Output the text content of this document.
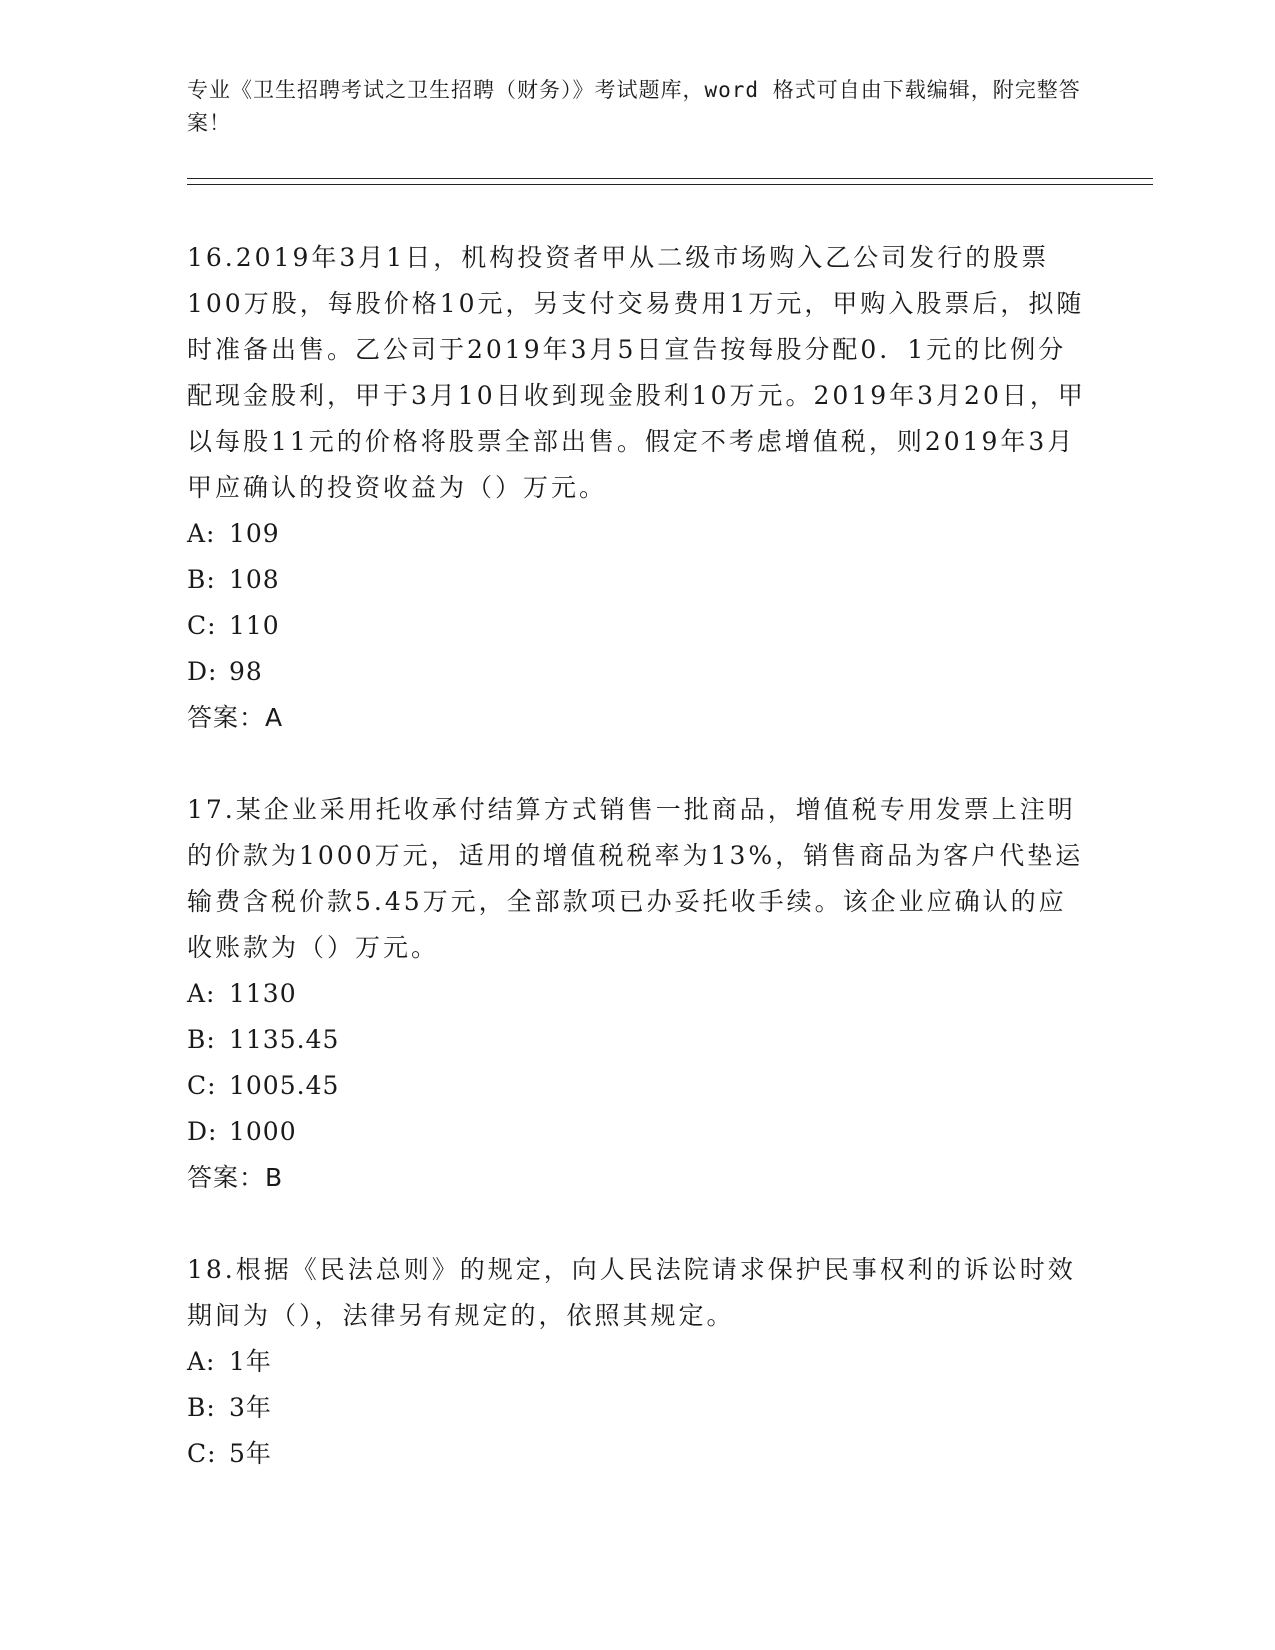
专业《卫生招聘考试之卫生招聘（财务）》考试题库，word 格式可自由下载编辑，附完整答案！

16.2019年3月1日，机构投资者甲从二级市场购入乙公司发行的股票100万股，每股价格10元，另支付交易费用1万元，甲购入股票后，拟随时准备出售。乙公司于2019年3月5日宣告按每股分配0．1元的比例分配现金股利，甲于3月10日收到现金股利10万元。2019年3月20日，甲以每股11元的价格将股票全部出售。假定不考虑增值税，则2019年3月甲应确认的投资收益为（）万元。

A: 109

B: 108

C: 110

D: 98

答案：A

17.某企业采用托收承付结算方式销售一批商品，增值税专用发票上注明的价款为1000万元，适用的增值税税率为13%，销售商品为客户代垫运输费含税价款5.45万元，全部款项已办妥托收手续。该企业应确认的应收账款为（）万元。

A: 1130

B: 1135.45

C: 1005.45

D: 1000

答案：B

18.根据《民法总则》的规定，向人民法院请求保护民事权利的诉讼时效期间为（），法律另有规定的，依照其规定。

A: 1年

B: 3年

C: 5年
